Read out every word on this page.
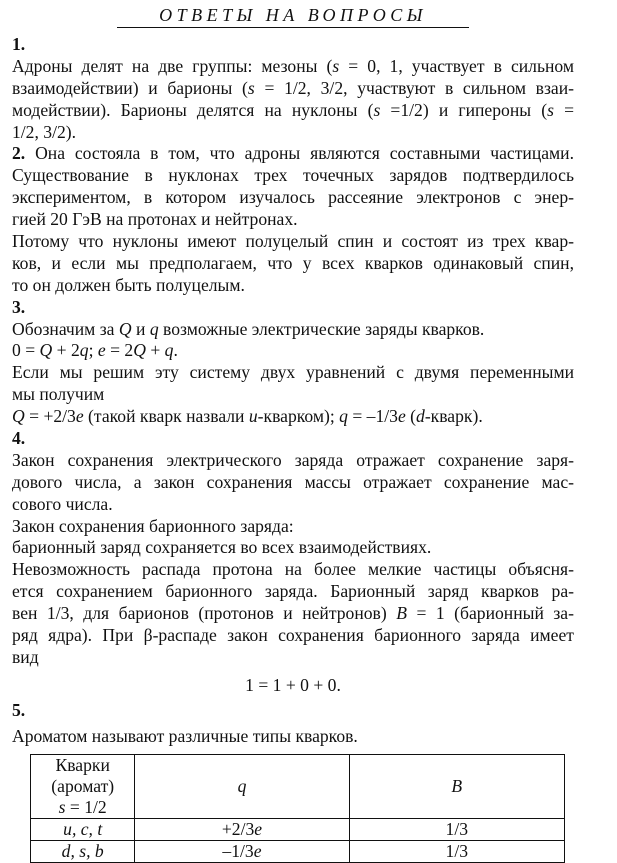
ОТВЕТЫ НА ВОПРОСЫ
1.
Адроны делят на две группы: мезоны (s = 0, 1, участвует в сильном
взаимодействии) и барионы (s = 1/2, 3/2, участвуют в сильном взаи-
модействии). Барионы делятся на нуклоны (s =1/2) и гипероны (s =
1/2, 3/2).
2. Она состояла в том, что адроны являются составными частицами.
Существование в нуклонах трех точечных зарядов подтвердилось
экспериментом, в котором изучалось рассеяние электронов с энер-
гией 20 ГэВ на протонах и нейтронах.
Потому что нуклоны имеют полуцелый спин и состоят из трех квар-
ков, и если мы предполагаем, что у всех кварков одинаковый спин,
то он должен быть полуцелым.
3.
Обозначим за Q и q возможные электрические заряды кварков.
0 = Q + 2q; e = 2Q + q.
Если мы решим эту систему двух уравнений с двумя переменными
мы получим
Q = +2/3e (такой кварк назвали u-кварком); q = –1/3e (d-кварк).
4.
Закон сохранения электрического заряда отражает сохранение заря-
дового числа, а закон сохранения массы отражает сохранение мас-
сового числа.
Закон сохранения барионного заряда:
барионный заряд сохраняется во всех взаимодействиях.
Невозможность распада протона на более мелкие частицы объясня-
ется сохранением барионного заряда. Барионный заряд кварков ра-
вен 1/3, для барионов (протонов и нейтронов) B = 1 (барионный за-
ряд ядра). При β-распаде закон сохранения барионного заряда имеет
вид
1 = 1 + 0 + 0.
5.
Ароматом называют различные типы кварков.
Кварки (аромат)
s = 1/2	q	B
u, c, t	+2/3e	1/3
d, s, b	–1/3e	1/3
